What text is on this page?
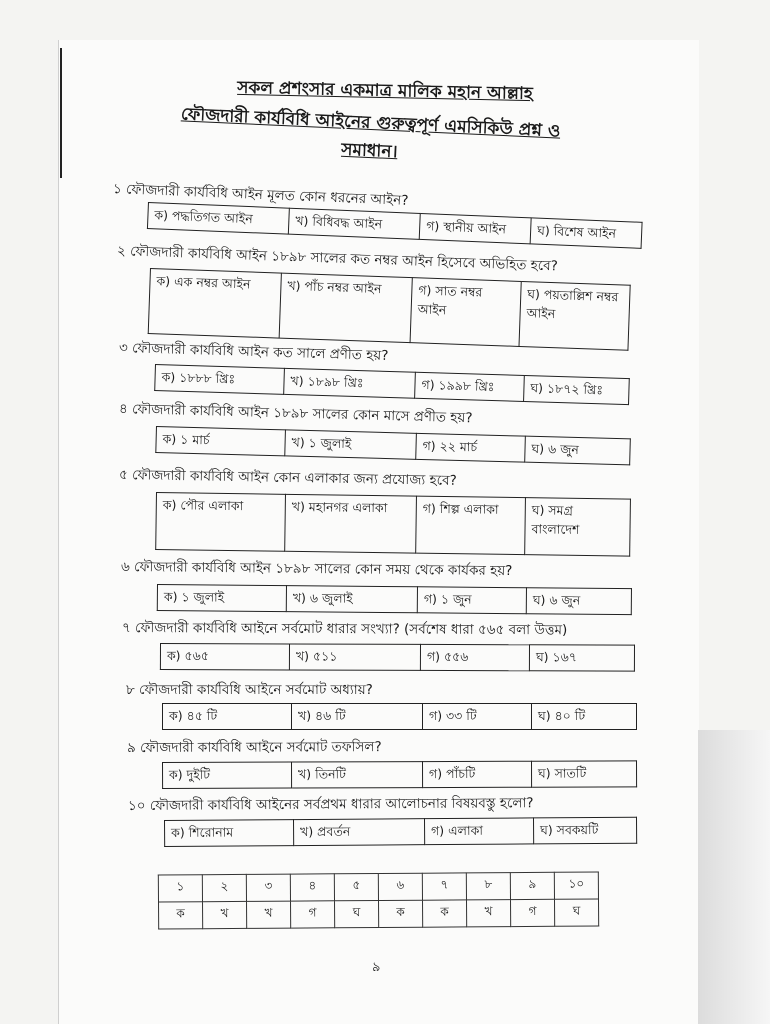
সকল প্রশংসার একমাত্র মালিক মহান আল্লাহ
ফৌজদারী কার্যবিধি আইনের গুরুত্বপূর্ণ এমসিকিউ প্রশ্ন ও সমাধান।
১ ফৌজদারী কার্যবিধি আইন মূলত কোন ধরনের আইন?
ক) পদ্ধতিগত আইন	খ) বিধিবদ্ধ আইন	গ) স্থানীয় আইন	ঘ) বিশেষ আইন
২ ফৌজদারী কার্যবিধি আইন ১৮৯৮ সালের কত নম্বর আইন হিসেবে অভিহিত হবে?
ক) এক নম্বর আইন	খ) পাঁচ নম্বর আইন	গ) সাত নম্বর আইন	ঘ) পয়তাল্লিশ নম্বর আইন
৩ ফৌজদারী কার্যবিধি আইন কত সালে প্রণীত হয়?
ক) ১৮৮৮ খ্রিঃ	খ) ১৮৯৮ খ্রিঃ	গ) ১৯৯৮ খ্রিঃ	ঘ) ১৮৭২ খ্রিঃ
৪ ফৌজদারী কার্যবিধি আইন ১৮৯৮ সালের কোন মাসে প্রণীত হয়?
ক) ১ মার্চ	খ) ১ জুলাই	গ) ২২ মার্চ	ঘ) ৬ জুন
৫ ফৌজদারী কার্যবিধি আইন কোন এলাকার জন্য প্রযোজ্য হবে?
ক) পৌর এলাকা	খ) মহানগর এলাকা	গ) শিল্প এলাকা	ঘ) সমগ্র বাংলাদেশ
৬ ফৌজদারী কার্যবিধি আইন ১৮৯৮ সালের কোন সময় থেকে কার্যকর হয়?
ক) ১ জুলাই	খ) ৬ জুলাই	গ) ১ জুন	ঘ) ৬ জুন
৭ ফৌজদারী কার্যবিধি আইনে সর্বমোট ধারার সংখ্যা? (সর্বশেষ ধারা ৫৬৫ বলা উত্তম)
ক) ৫৬৫	খ) ৫১১	গ) ৫৫৬	ঘ) ১৬৭
৮ ফৌজদারী কার্যবিধি আইনে সর্বমোট অধ্যায়?
ক) ৪৫ টি	খ) ৪৬ টি	গ) ৩৩ টি	ঘ) ৪০ টি
৯ ফৌজদারী কার্যবিধি আইনে সর্বমোট তফসিল?
ক) দুইটি	খ) তিনটি	গ) পাঁচটি	ঘ) সাতটি
১০ ফৌজদারী কার্যবিধি আইনের সর্বপ্রথম ধারার আলোচনার বিষয়বস্তু হলো?
ক) শিরোনাম	খ) প্রবর্তন	গ) এলাকা	ঘ) সবকয়টি
১	২	৩	৪	৫	৬	৭	৮	৯	১০
ক	খ	খ	গ	ঘ	ক	ক	খ	গ	ঘ
৯
